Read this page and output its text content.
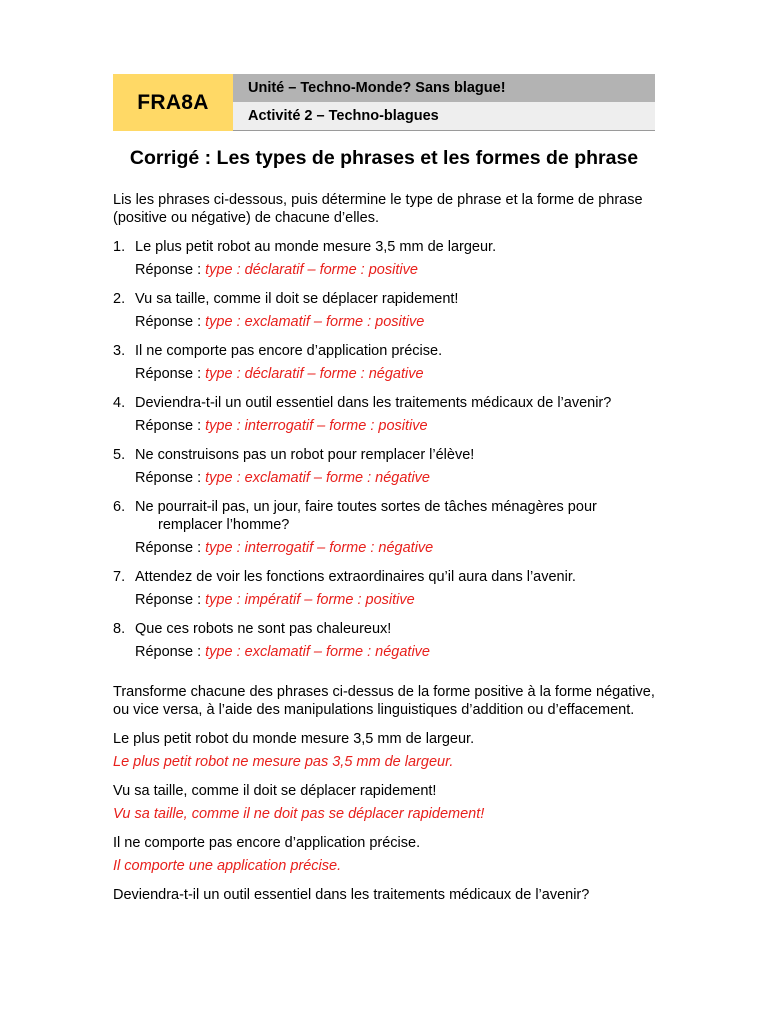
FRA8A
Unité – Techno-Monde? Sans blague!
Activité 2 – Techno-blagues
Corrigé : Les types de phrases et les formes de phrase

Lis les phrases ci-dessous, puis détermine le type de phrase et la forme de phrase (positive ou négative) de chacune d’elles.

1. Le plus petit robot au monde mesure 3,5 mm de largeur.
Réponse : type : déclaratif – forme : positive
2. Vu sa taille, comme il doit se déplacer rapidement!
Réponse : type : exclamatif – forme : positive
3. Il ne comporte pas encore d’application précise.
Réponse : type : déclaratif – forme : négative
4. Deviendra-t-il un outil essentiel dans les traitements médicaux de l’avenir?
Réponse : type : interrogatif – forme : positive
5. Ne construisons pas un robot pour remplacer l’élève!
Réponse : type : exclamatif – forme : négative
6. Ne pourrait-il pas, un jour, faire toutes sortes de tâches ménagères pour remplacer l’homme?
Réponse : type : interrogatif – forme : négative
7. Attendez de voir les fonctions extraordinaires qu’il aura dans l’avenir.
Réponse : type : impératif – forme : positive
8. Que ces robots ne sont pas chaleureux!
Réponse : type : exclamatif – forme : négative

Transforme chacune des phrases ci-dessus de la forme positive à la forme négative, ou vice versa, à l’aide des manipulations linguistiques d’addition ou d’effacement.

Le plus petit robot du monde mesure 3,5 mm de largeur.

Le plus petit robot ne mesure pas 3,5 mm de largeur.

Vu sa taille, comme il doit se déplacer rapidement!

Vu sa taille, comme il ne doit pas se déplacer rapidement!

Il ne comporte pas encore d’application précise.

Il comporte une application précise.

Deviendra-t-il un outil essentiel dans les traitements médicaux de l’avenir?
